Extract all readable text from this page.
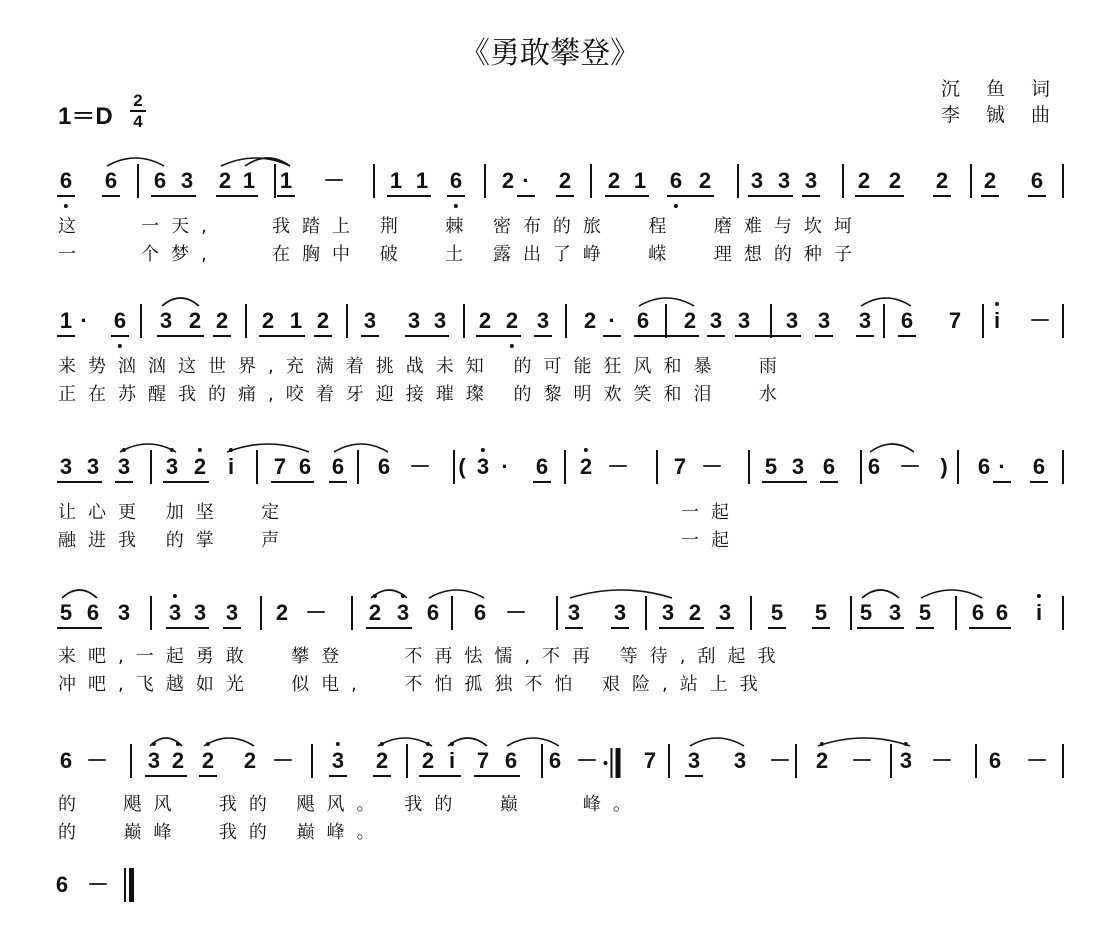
《勇敢攀登》
沉 鱼 词
李 铖 曲
1＝D
2
4
6 6 6 3 2 1 1 － 1 1 6 2 · 2 2 1 6 2 3 3 3 2 2 2 2 6
这   一天,   我踏上 荆  棘 密布的旅  程  磨难与坎坷
一   个梦,   在胸中 破  土 露出了峥  嵘  理想的种子
1 · 6 3 2 2 2 1 2 3 3 3 2 2 3 2 · 6 2 3 3 3 3 3 6 7 i －
来势汹汹这世界,充满着挑战未知 的可能狂风和暴  雨
正在苏醒我的痛,咬着牙迎接璀璨 的黎明欢笑和泪  水
3 3 3 3 2 i 7 6 6 6 － ( 3 · 6 2 － 7 － 5 3 6 6 － ) 6 · 6
让心更 加坚  定                      一起
融进我 的掌  声                      一起
5 6 3 3 3 3 2 － 2 3 6 6 － 3 3 3 2 3 5 5 5 3 5 6 6 i
来吧,一起勇敢  攀登   不再怯懦,不再 等待,刮起我
冲吧,飞越如光  似电,  不怕孤独不怕 艰险,站上我
6 － 3 2 2 2 － 3 2 2 i 7 6 6 － 7 3 3 － 2 － 3 － 6 －
的  飓风  我的 飓风。 我的  巅   峰。
的  巅峰  我的 巅峰。
6 －
